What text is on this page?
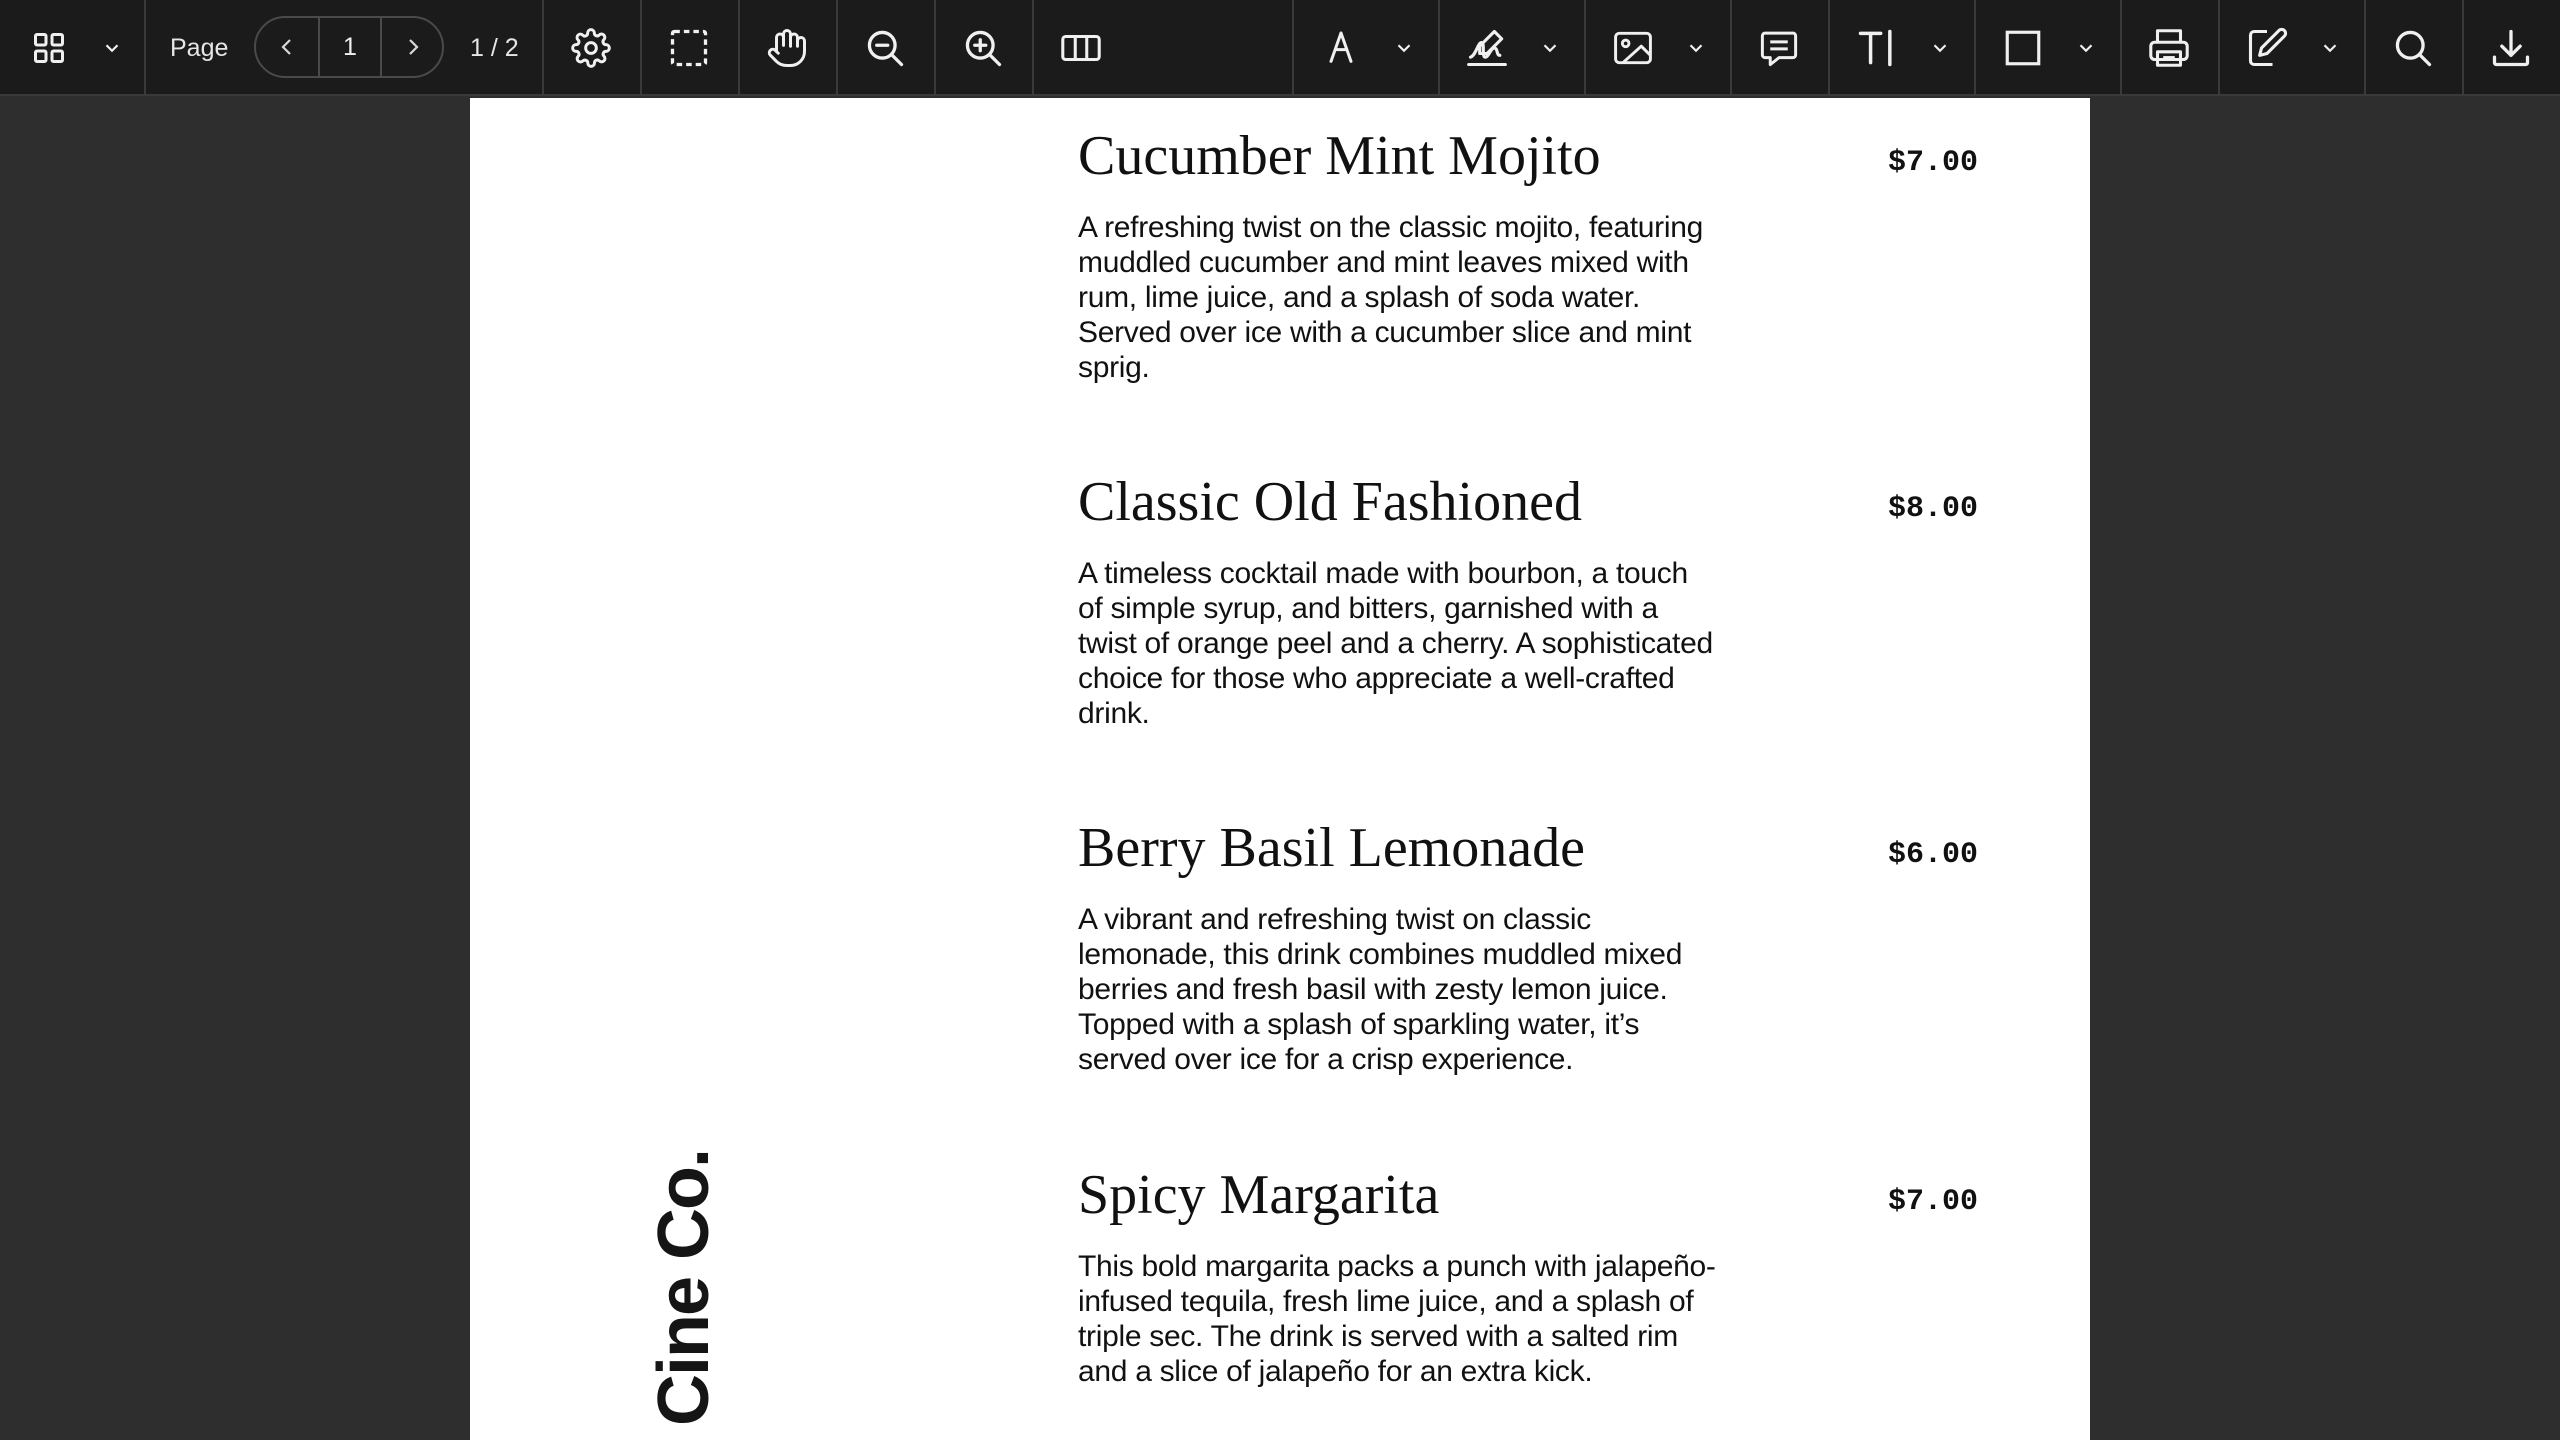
Page
1	1 / 2
Cine Co.
Cucumber Mint Mojito	$7.00
A refreshing twist on the classic mojito, featuring muddled cucumber and mint leaves mixed with rum, lime juice, and a splash of soda water. Served over ice with a cucumber slice and mint sprig.
Classic Old Fashioned	$8.00
A timeless cocktail made with bourbon, a touch of simple syrup, and bitters, garnished with a twist of orange peel and a cherry. A sophisticated choice for those who appreciate a well-crafted drink.
Berry Basil Lemonade	$6.00
A vibrant and refreshing twist on classic lemonade, this drink combines muddled mixed berries and fresh basil with zesty lemon juice. Topped with a splash of sparkling water, it’s served over ice for a crisp experience.
Spicy Margarita	$7.00
This bold margarita packs a punch with jalapeño-infused tequila, fresh lime juice, and a splash of triple sec. The drink is served with a salted rim and a slice of jalapeño for an extra kick.
